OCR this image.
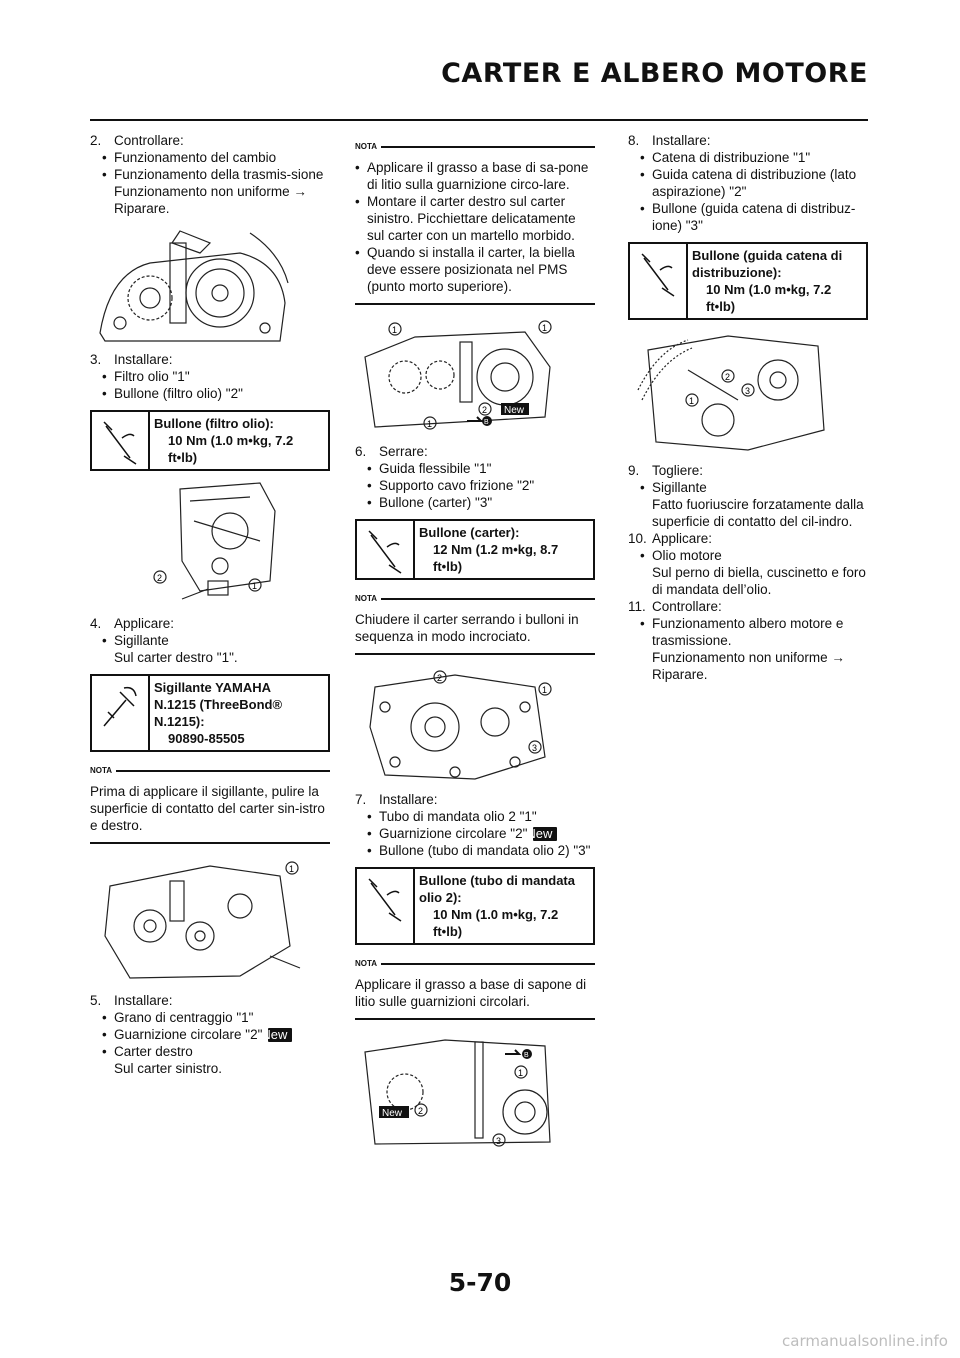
CARTER E ALBERO MOTORE

2. Controllare:

• Funzionamento del cambio

• Funzionamento della trasmis-sione

Funzionamento non uniforme →

Riparare.

3. Installare:

• Filtro olio "1"

• Bullone (filtro olio) "2"

Bullone (filtro olio):
10 Nm (1.0 m•kg, 7.2
ft•lb)
2
1

4. Applicare:

• Sigillante

Sul carter destro "1".

Sigillante YAMAHA
N.1215 (ThreeBond®
N.1215):
90890-85505
NOTA
Prima di applicare il sigillante, pulire la superficie di contatto del carter sin-istro e destro.
1

5. Installare:

• Grano di centraggio "1"

• Guarnizione circolare "2"New

• Carter destro

Sul carter sinistro.

NOTA

• Applicare il grasso a base di sa-pone di litio sulla guarnizione circo-lare.

• Montare il carter destro sul carter sinistro. Picchiettare delicatamente sul carter con un martello morbido.

• Quando si installa il carter, la biella deve essere posizionata nel PMS (punto morto superiore).

1	1
1
2 New
B

6. Serrare:

• Guida flessibile "1"

• Supporto cavo frizione "2"

• Bullone (carter) "3"

Bullone (carter):
12 Nm (1.2 m•kg, 8.7
ft•lb)
NOTA
Chiudere il carter serrando i bulloni in sequenza in modo incrociato.
2
1
3

7. Installare:

• Tubo di mandata olio 2 "1"

• Guarnizione circolare "2"New

• Bullone (tubo di mandata olio 2) "3"

Bullone (tubo di mandata
olio 2):
10 Nm (1.0 m•kg, 7.2
ft•lb)
NOTA
Applicare il grasso a base di sapone di litio sulle guarnizioni circolari.
1
2
3
New
B

8. Installare:

• Catena di distribuzione "1"

• Guida catena di distribuzione (lato aspirazione) "2"

• Bullone (guida catena di distribuz-ione) "3"

Bullone (guida catena di
distribuzione):
10 Nm (1.0 m•kg, 7.2
ft•lb)
1
2
3

9. Togliere:

• Sigillante

Fatto fuoriuscire forzatamente dalla superficie di contatto del cil-indro.

10. Applicare:

• Olio motore

Sul perno di biella, cuscinetto e foro di mandata dell’olio.

11. Controllare:

• Funzionamento albero motore e trasmissione.

Funzionamento non uniforme →

Riparare.

5-70
carmanualsonline.info
